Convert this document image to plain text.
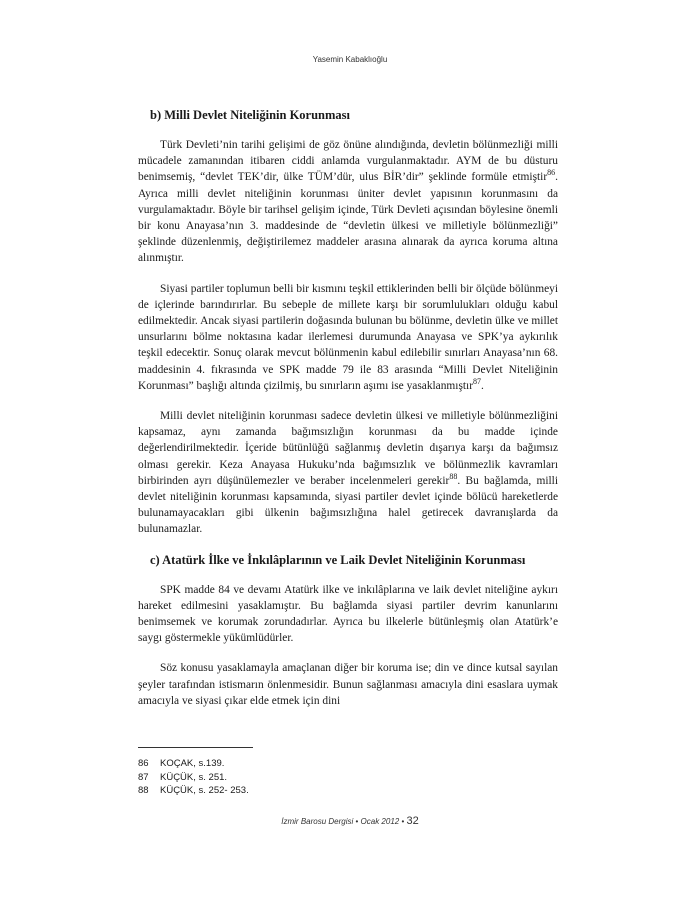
Yasemin Kabaklıoğlu
b) Milli Devlet Niteliğinin Korunması

Türk Devleti’nin tarihi gelişimi de göz önüne alındığında, devletin bölünmezliği milli mücadele zamanından itibaren ciddi anlamda vurgulanmaktadır. AYM de bu düsturu benimsemiş, “devlet TEK’dir, ülke TÜM’dür, ulus BİR’dir” şeklinde formüle etmiştir$^{86}$. Ayrıca milli devlet niteliğinin korunması üniter devlet yapısının korunmasını da vurgulamaktadır. Böyle bir tarihsel gelişim içinde, Türk Devleti açısından böylesine önemli bir konu Anayasa’nın 3. maddesinde de “devletin ülkesi ve milletiyle bölünmezliği” şeklinde düzenlenmiş, değiştirilemez maddeler arasına alınarak da ayrıca koruma altına alınmıştır.

Siyasi partiler toplumun belli bir kısmını teşkil ettiklerinden belli bir ölçüde bölünmeyi de içlerinde barındırırlar. Bu sebeple de millete karşı bir sorumlulukları olduğu kabul edilmektedir. Ancak siyasi partilerin doğasında bulunan bu bölünme, devletin ülke ve millet unsurlarını bölme noktasına kadar ilerlemesi durumunda Anayasa ve SPK’ya aykırılık teşkil edecektir. Sonuç olarak mevcut bölünmenin kabul edilebilir sınırları Anayasa’nın 68. maddesinin 4. fıkrasında ve SPK madde 79 ile 83 arasında “Milli Devlet Niteliğinin Korunması” başlığı altında çizilmiş, bu sınırların aşımı ise yasaklanmıştır$^{87}$.

Milli devlet niteliğinin korunması sadece devletin ülkesi ve milletiyle bölünmezliğini kapsamaz, aynı zamanda bağımsızlığın korunması da bu madde içinde değerlendirilmektedir. İçeride bütünlüğü sağlanmış devletin dışarıya karşı da bağımsız olması gerekir. Keza Anayasa Hukuku’nda bağımsızlık ve bölünmezlik kavramları birbirinden ayrı düşünülemezler ve beraber incelenmeleri gerekir$^{88}$. Bu bağlamda, milli devlet niteliğinin korunması kapsamında, siyasi partiler devlet içinde bölücü hareketlerde bulunamayacakları gibi ülkenin bağımsızlığına halel getirecek davranışlarda da bulunamazlar.

c) Atatürk İlke ve İnkılâplarının ve Laik Devlet Niteliğinin Korunması

SPK madde 84 ve devamı Atatürk ilke ve inkılâplarına ve laik devlet niteliğine aykırı hareket edilmesini yasaklamıştır. Bu bağlamda siyasi partiler devrim kanunlarını benimsemek ve korumak zorundadırlar. Ayrıca bu ilkelerle bütünleşmiş olan Atatürk’e saygı göstermekle yükümlüdürler.

Söz konusu yasaklamayla amaçlanan diğer bir koruma ise; din ve dince kutsal sayılan şeyler tarafından istismarın önlenmesidir. Bunun sağlanması amacıyla dini esaslara uymak amacıyla ve siyasi çıkar elde etmek için dini

86 KOÇAK, s.139.
87 KÜÇÜK, s. 251.
88 KÜÇÜK, s. 252- 253.
İzmir Barosu Dergisi • Ocak 2012 • 32
